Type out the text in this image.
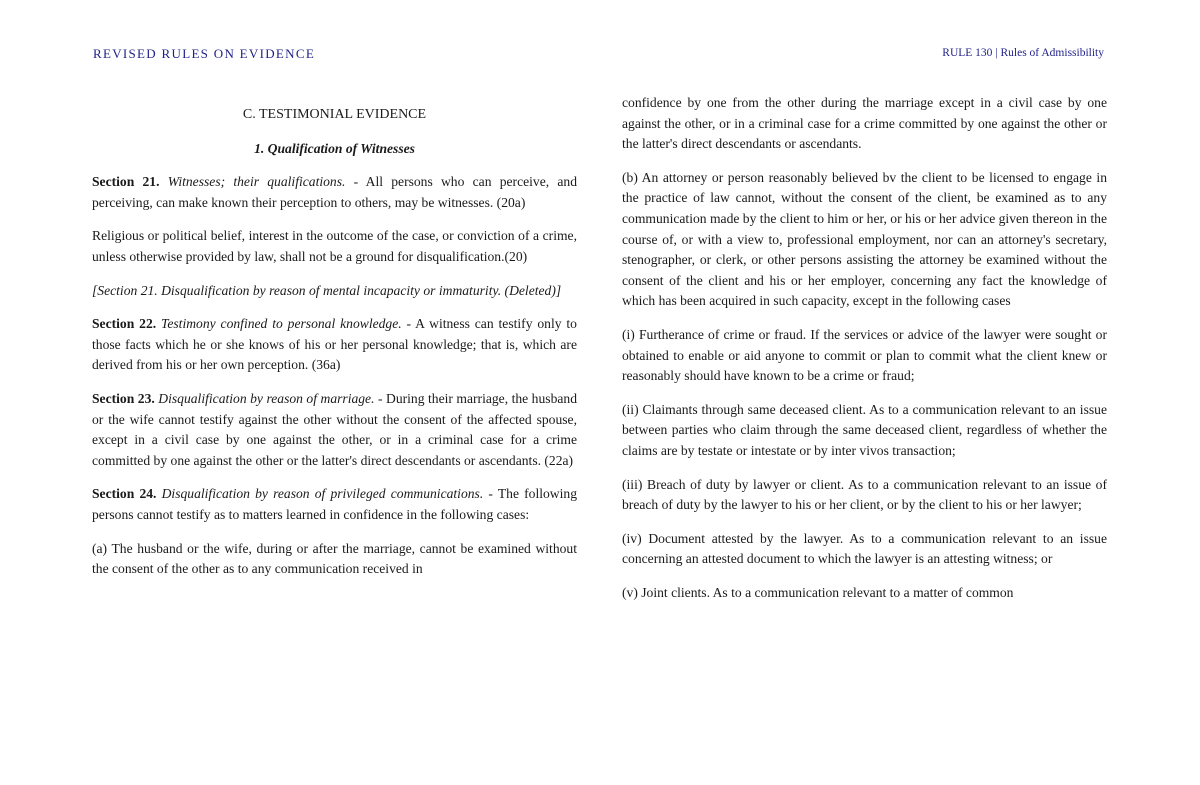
REVISED RULES ON EVIDENCE	RULE 130 | Rules of Admissibility

C. TESTIMONIAL EVIDENCE

1. Qualification of Witnesses

Section 21. Witnesses; their qualifications. - All persons who can perceive, and perceiving, can make known their perception to others, may be witnesses. (20a)

Religious or political belief, interest in the outcome of the case, or conviction of a crime, unless otherwise provided by law, shall not be a ground for disqualification.(20)

[Section 21. Disqualification by reason of mental incapacity or immaturity. (Deleted)]

Section 22. Testimony confined to personal knowledge. - A witness can testify only to those facts which he or she knows of his or her personal knowledge; that is, which are derived from his or her own perception. (36a)

Section 23. Disqualification by reason of marriage. - During their marriage, the husband or the wife cannot testify against the other without the consent of the affected spouse, except in a civil case by one against the other, or in a criminal case for a crime committed by one against the other or the latter's direct descendants or ascendants. (22a)

Section 24. Disqualification by reason of privileged communications. - The following persons cannot testify as to matters learned in confidence in the following cases:

(a) The husband or the wife, during or after the marriage, cannot be examined without the consent of the other as to any communication received in

confidence by one from the other during the marriage except in a civil case by one against the other, or in a criminal case for a crime committed by one against the other or the latter's direct descendants or ascendants.

(b) An attorney or person reasonably believed bv the client to be licensed to engage in the practice of law cannot, without the consent of the client, be examined as to any communication made by the client to him or her, or his or her advice given thereon in the course of, or with a view to, professional employment, nor can an attorney's secretary, stenographer, or clerk, or other persons assisting the attorney be examined without the consent of the client and his or her employer, concerning any fact the knowledge of which has been acquired in such capacity, except in the following cases

(i) Furtherance of crime or fraud. If the services or advice of the lawyer were sought or obtained to enable or aid anyone to commit or plan to commit what the client knew or reasonably should have known to be a crime or fraud;

(ii) Claimants through same deceased client. As to a communication relevant to an issue between parties who claim through the same deceased client, regardless of whether the claims are by testate or intestate or by inter vivos transaction;

(iii) Breach of duty by lawyer or client. As to a communication relevant to an issue of breach of duty by the lawyer to his or her client, or by the client to his or her lawyer;

(iv) Document attested by the lawyer. As to a communication relevant to an issue concerning an attested document to which the lawyer is an attesting witness; or

(v) Joint clients. As to a communication relevant to a matter of common
